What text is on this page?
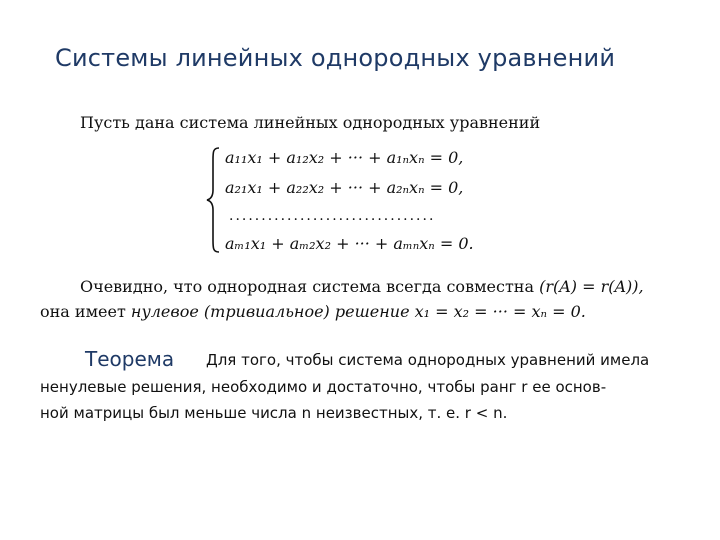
Системы линейных однородных уравнений
Пусть дана система линейных однородных уравнений
a₁₁x₁ + a₁₂x₂ + ··· + a₁ₙxₙ = 0,
a₂₁x₁ + a₂₂x₂ + ··· + a₂ₙxₙ = 0,
································
aₘ₁x₁ + aₘ₂x₂ + ··· + aₘₙxₙ = 0.
Очевидно, что однородная система всегда совместна (r(A) = r(A)),
она имеет нулевое (тривиальное) решение x₁ = x₂ = ··· = xₙ = 0.
Теорема Для того, чтобы система однородных уравнений имела
ненулевые решения, необходимо и достаточно, чтобы ранг r ее основ-
ной матрицы был меньше числа n неизвестных, т. е. r < n.
